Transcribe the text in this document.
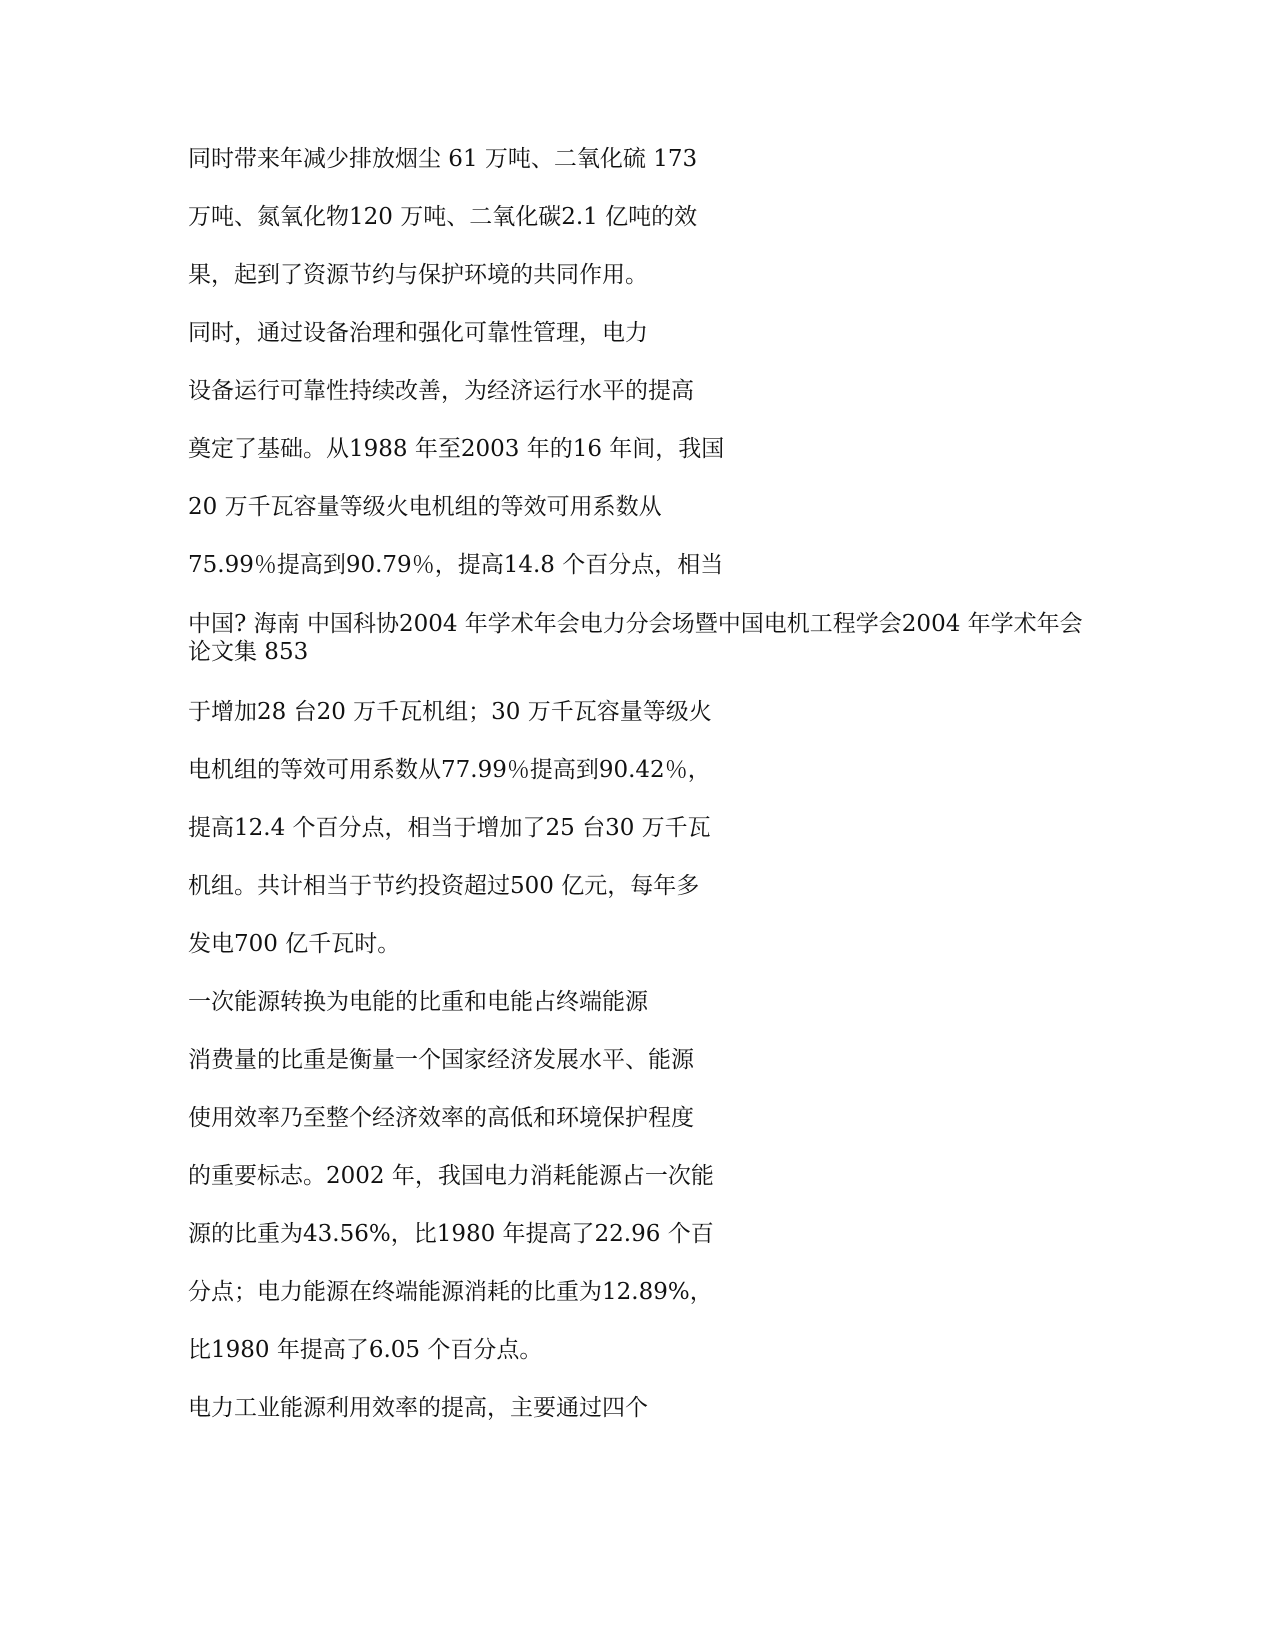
同时带来年减少排放烟尘 61 万吨、二氧化硫 173
万吨、氮氧化物120 万吨、二氧化碳2.1 亿吨的效
果，起到了资源节约与保护环境的共同作用。
同时，通过设备治理和强化可靠性管理，电力
设备运行可靠性持续改善，为经济运行水平的提高
奠定了基础。从1988 年至2003 年的16 年间，我国
20 万千瓦容量等级火电机组的等效可用系数从
75.99％提高到90.79％，提高14.8 个百分点，相当
中国? 海南 中国科协2004 年学术年会电力分会场暨中国电机工程学会2004 年学术年会论文集 853
于增加28 台20 万千瓦机组；30 万千瓦容量等级火
电机组的等效可用系数从77.99％提高到90.42％，
提高12.4 个百分点，相当于增加了25 台30 万千瓦
机组。共计相当于节约投资超过500 亿元，每年多
发电700 亿千瓦时。
一次能源转换为电能的比重和电能占终端能源
消费量的比重是衡量一个国家经济发展水平、能源
使用效率乃至整个经济效率的高低和环境保护程度
的重要标志。2002 年，我国电力消耗能源占一次能
源的比重为43.56%，比1980 年提高了22.96 个百
分点；电力能源在终端能源消耗的比重为12.89%，
比1980 年提高了6.05 个百分点。
电力工业能源利用效率的提高，主要通过四个
